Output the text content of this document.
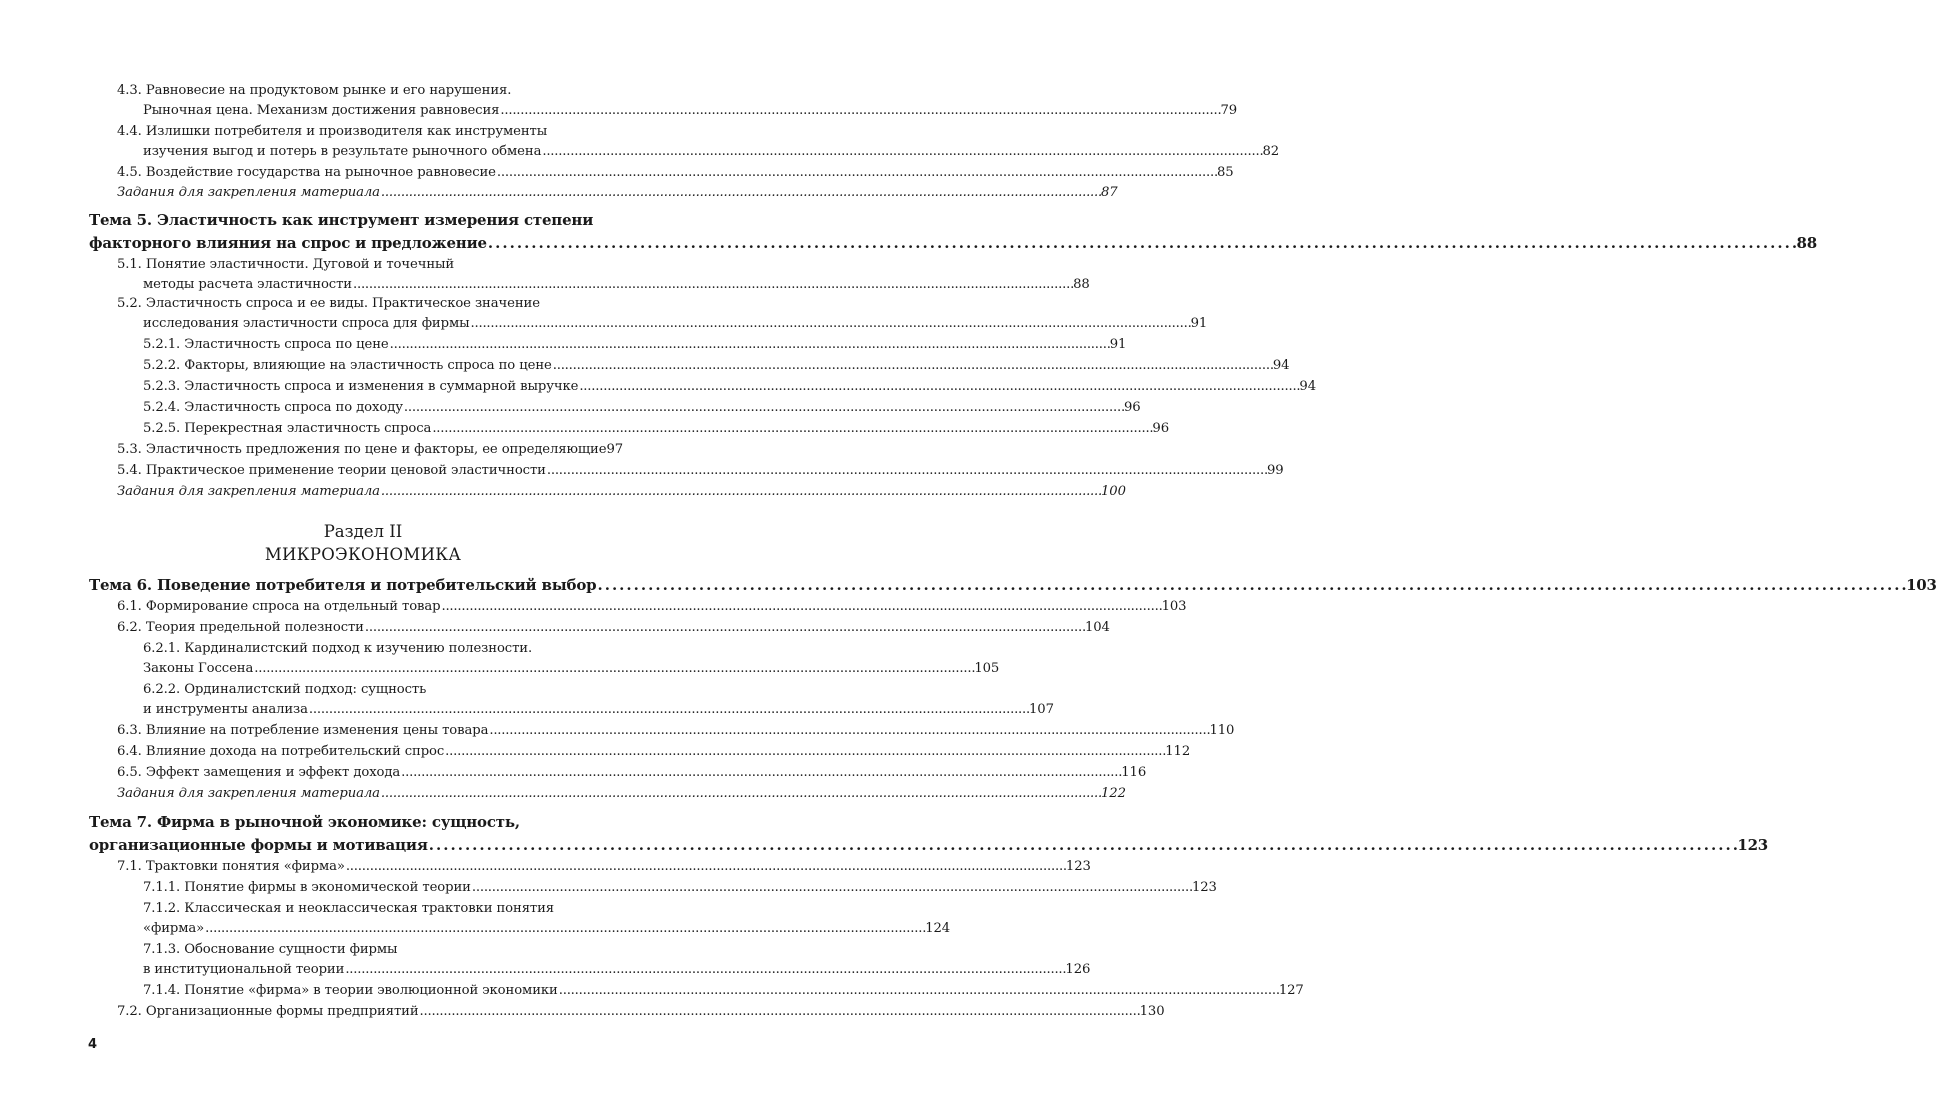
4.3. Равновесие на продуктовом рынке и его нарушения.
Рыночная цена. Механизм достижения равновесия . . .	79
4.4. Излишки потребителя и производителя как инструменты
изучения выгод и потерь в результате рыночного обмена . . .	82
4.5. Воздействие государства на рыночное равновесие . . .	85
Задания для закрепления материала . . .	87
Тема 5. Эластичность как инструмент измерения степени
факторного влияния на спрос и предложение . . .	88
5.1. Понятие эластичности. Дуговой и точечный
методы расчета эластичности . . .	88
5.2. Эластичность спроса и ее виды. Практическое значение
исследования эластичности спроса для фирмы . . .	91
5.2.1. Эластичность спроса по цене . . .	91
5.2.2. Факторы, влияющие на эластичность спроса по цене . . .	94
5.2.3. Эластичность спроса и изменения в суммарной выручке . . .	94
5.2.4. Эластичность спроса по доходу . . .	96
5.2.5. Перекрестная эластичность спроса . . .	96
5.3. Эластичность предложения по цене и факторы, ее определяющие 97
5.4. Практическое применение теории ценовой эластичности . . .	99
Задания для закрепления материала . . .	100
Раздел II
МИКРОЭКОНОМИКА
Тема 6. Поведение потребителя и потребительский выбор . . .	103
6.1. Формирование спроса на отдельный товар . . .	103
6.2. Теория предельной полезности . . .	104
6.2.1. Кардиналистский подход к изучению полезности.
Законы Госсена . . .	105
6.2.2. Ординалистский подход: сущность
и инструменты анализа . . .	107
6.3. Влияние на потребление изменения цены товара . . .	110
6.4. Влияние дохода на потребительский спрос . . .	112
6.5. Эффект замещения и эффект дохода . . .	116
Задания для закрепления материала . . .	122
Тема 7. Фирма в рыночной экономике: сущность,
организационные формы и мотивация . . .	123
7.1. Трактовки понятия «фирма» . . .	123
7.1.1. Понятие фирмы в экономической теории . . .	123
7.1.2. Классическая и неоклассическая трактовки понятия
«фирма» . . .	124
7.1.3. Обоснование сущности фирмы
в институциональной теории . . .	126
7.1.4. Понятие «фирма» в теории эволюционной экономики . . .	127
7.2. Организационные формы предприятий . . .	130
4
